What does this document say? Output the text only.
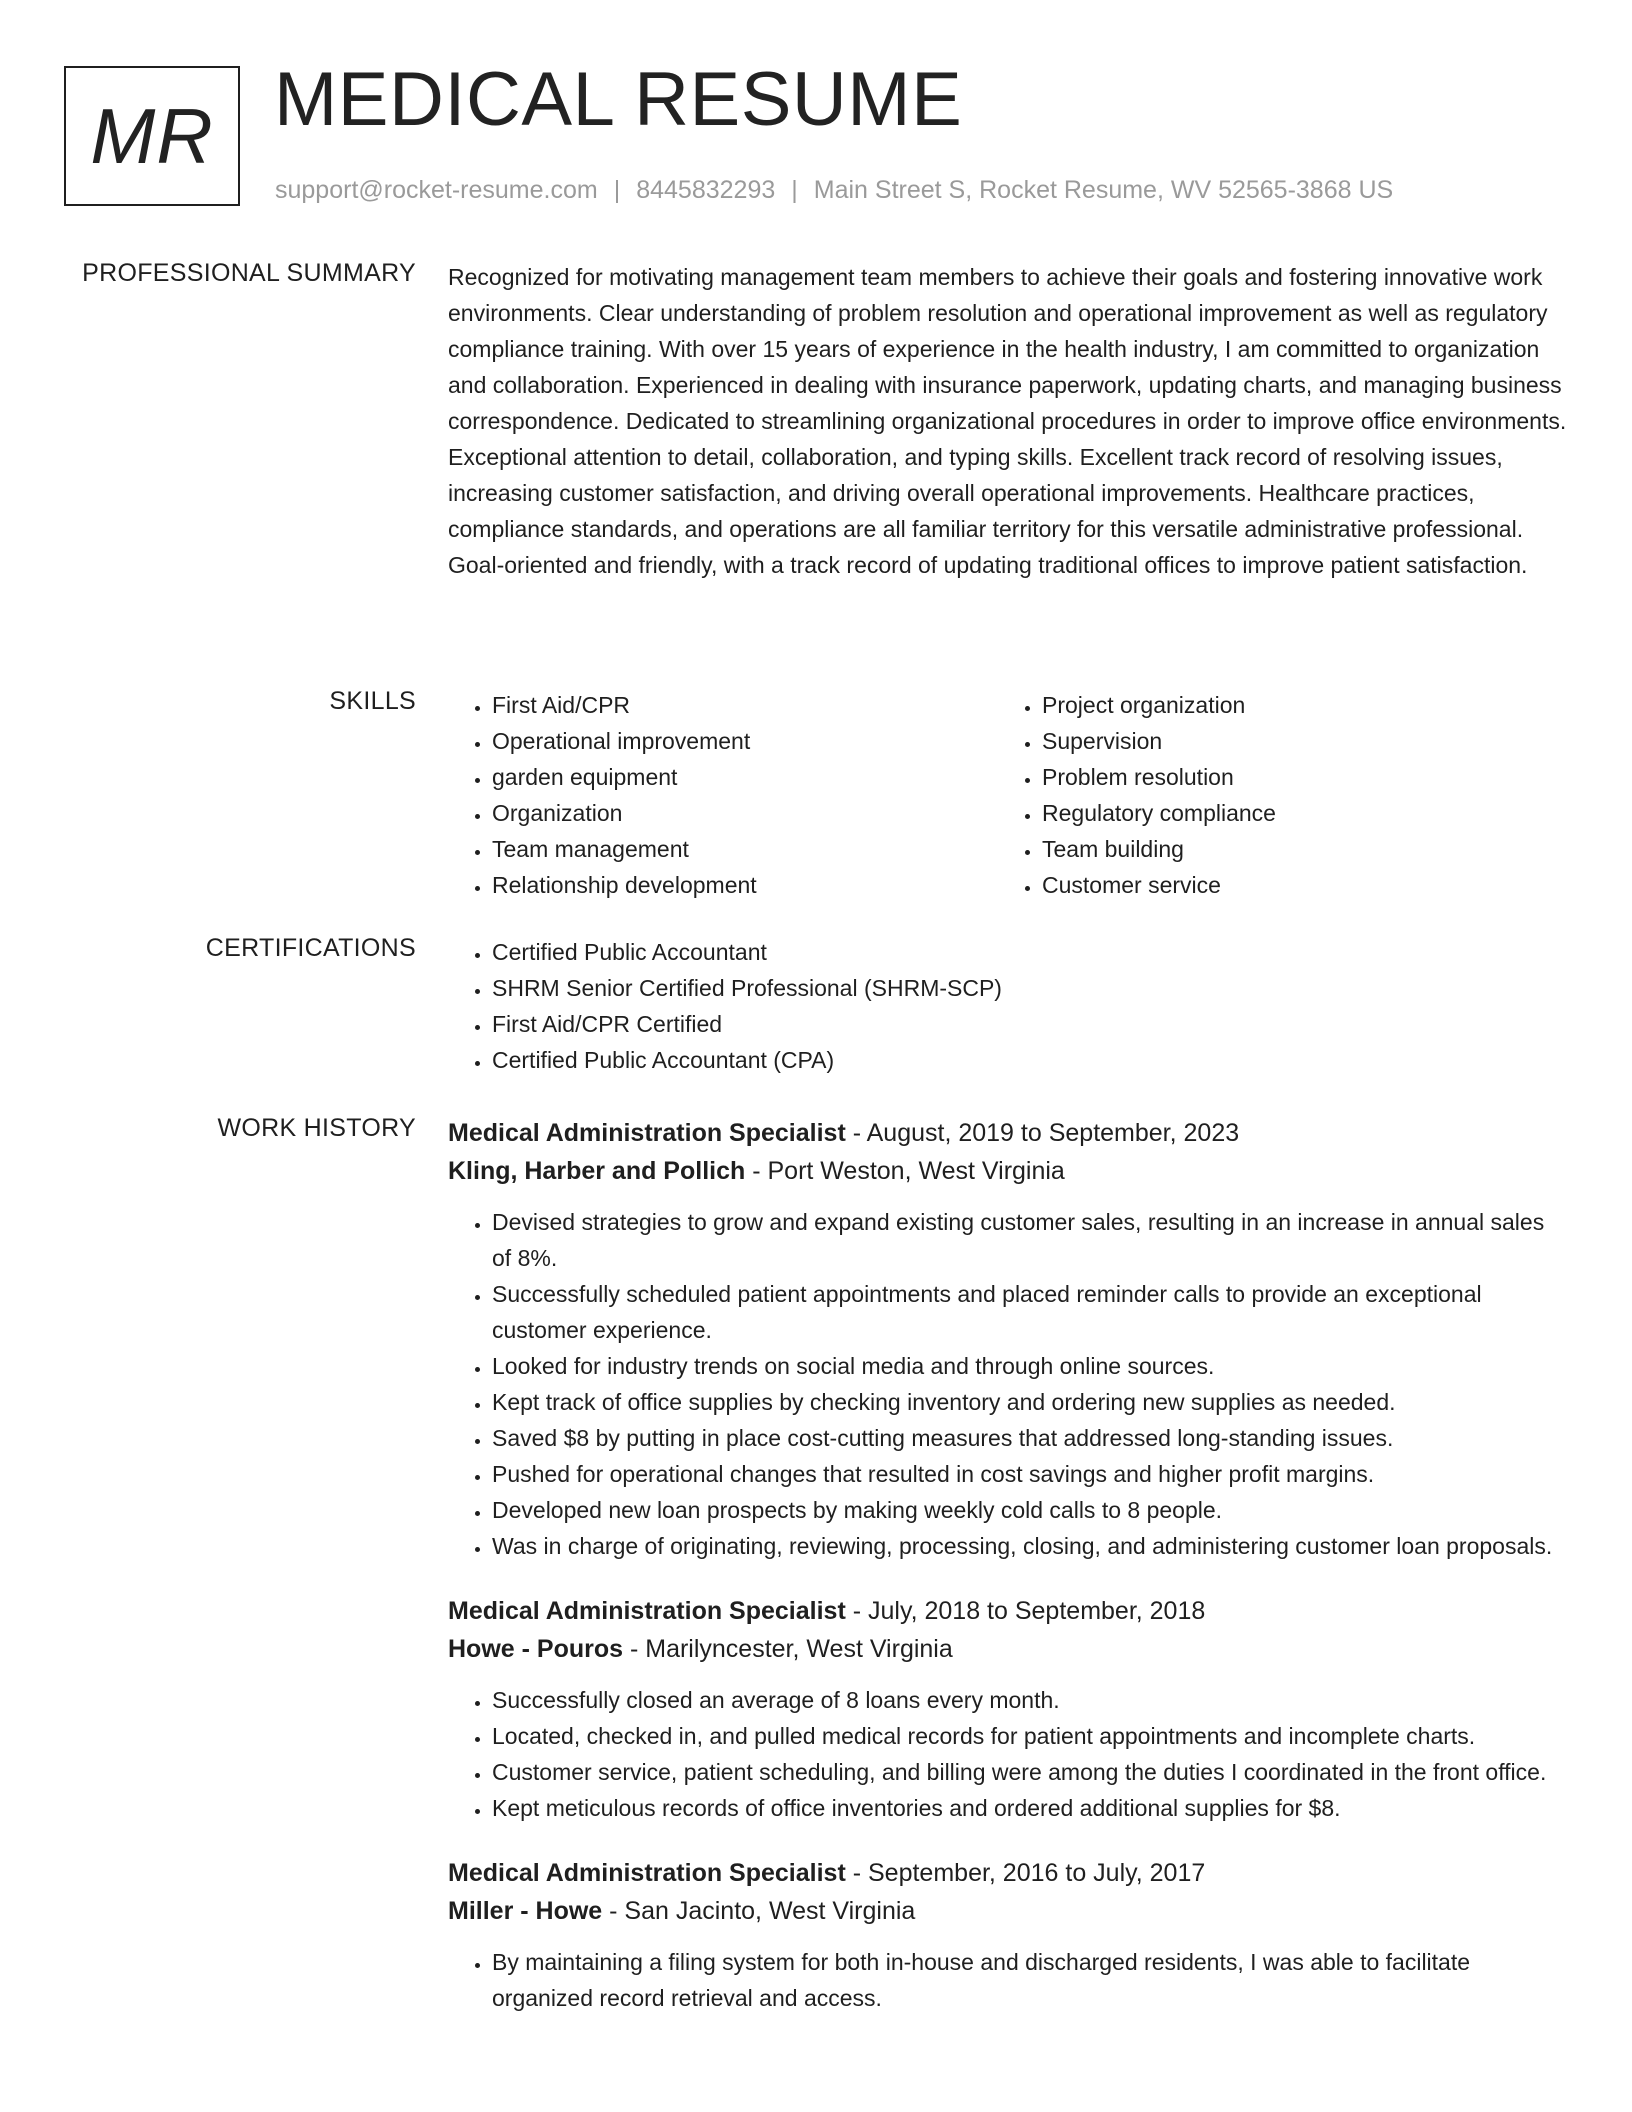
MR MEDICAL RESUME
support@rocket-resume.com | 8445832293 | Main Street S, Rocket Resume, WV 52565-3868 US
PROFESSIONAL SUMMARY Recognized for motivating management team members to achieve their goals and fostering innovative work environments. Clear understanding of problem resolution and operational improvement as well as regulatory compliance training. With over 15 years of experience in the health industry, I am committed to organization and collaboration. Experienced in dealing with insurance paperwork, updating charts, and managing business correspondence. Dedicated to streamlining organizational procedures in order to improve office environments. Exceptional attention to detail, collaboration, and typing skills. Excellent track record of resolving issues, increasing customer satisfaction, and driving overall operational improvements. Healthcare practices, compliance standards, and operations are all familiar territory for this versatile administrative professional. Goal-oriented and friendly, with a track record of updating traditional offices to improve patient satisfaction.
SKILLS	• First Aid/CPR
• Operational improvement
• garden equipment
• Organization
• Team management
• Relationship development
• Project organization
• Supervision
• Problem resolution
• Regulatory compliance
• Team building
• Customer service
CERTIFICATIONS	• Certified Public Accountant
• SHRM Senior Certified Professional (SHRM-SCP)
• First Aid/CPR Certified
• Certified Public Accountant (CPA)
WORK HISTORY Medical Administration Specialist - August, 2019 to September, 2023
Kling, Harber and Pollich - Port Weston, West Virginia
• Devised strategies to grow and expand existing customer sales, resulting in an increase in annual sales of 8%.
• Successfully scheduled patient appointments and placed reminder calls to provide an exceptional customer experience.
• Looked for industry trends on social media and through online sources.
• Kept track of office supplies by checking inventory and ordering new supplies as needed.
• Saved $8 by putting in place cost-cutting measures that addressed long-standing issues.
• Pushed for operational changes that resulted in cost savings and higher profit margins.
• Developed new loan prospects by making weekly cold calls to 8 people.
• Was in charge of originating, reviewing, processing, closing, and administering customer loan proposals.
Medical Administration Specialist - July, 2018 to September, 2018
Howe - Pouros - Marilyncester, West Virginia
• Successfully closed an average of 8 loans every month.
• Located, checked in, and pulled medical records for patient appointments and incomplete charts.
• Customer service, patient scheduling, and billing were among the duties I coordinated in the front office.
• Kept meticulous records of office inventories and ordered additional supplies for $8.
Medical Administration Specialist - September, 2016 to July, 2017
Miller - Howe - San Jacinto, West Virginia
• By maintaining a filing system for both in-house and discharged residents, I was able to facilitate organized record retrieval and access.
